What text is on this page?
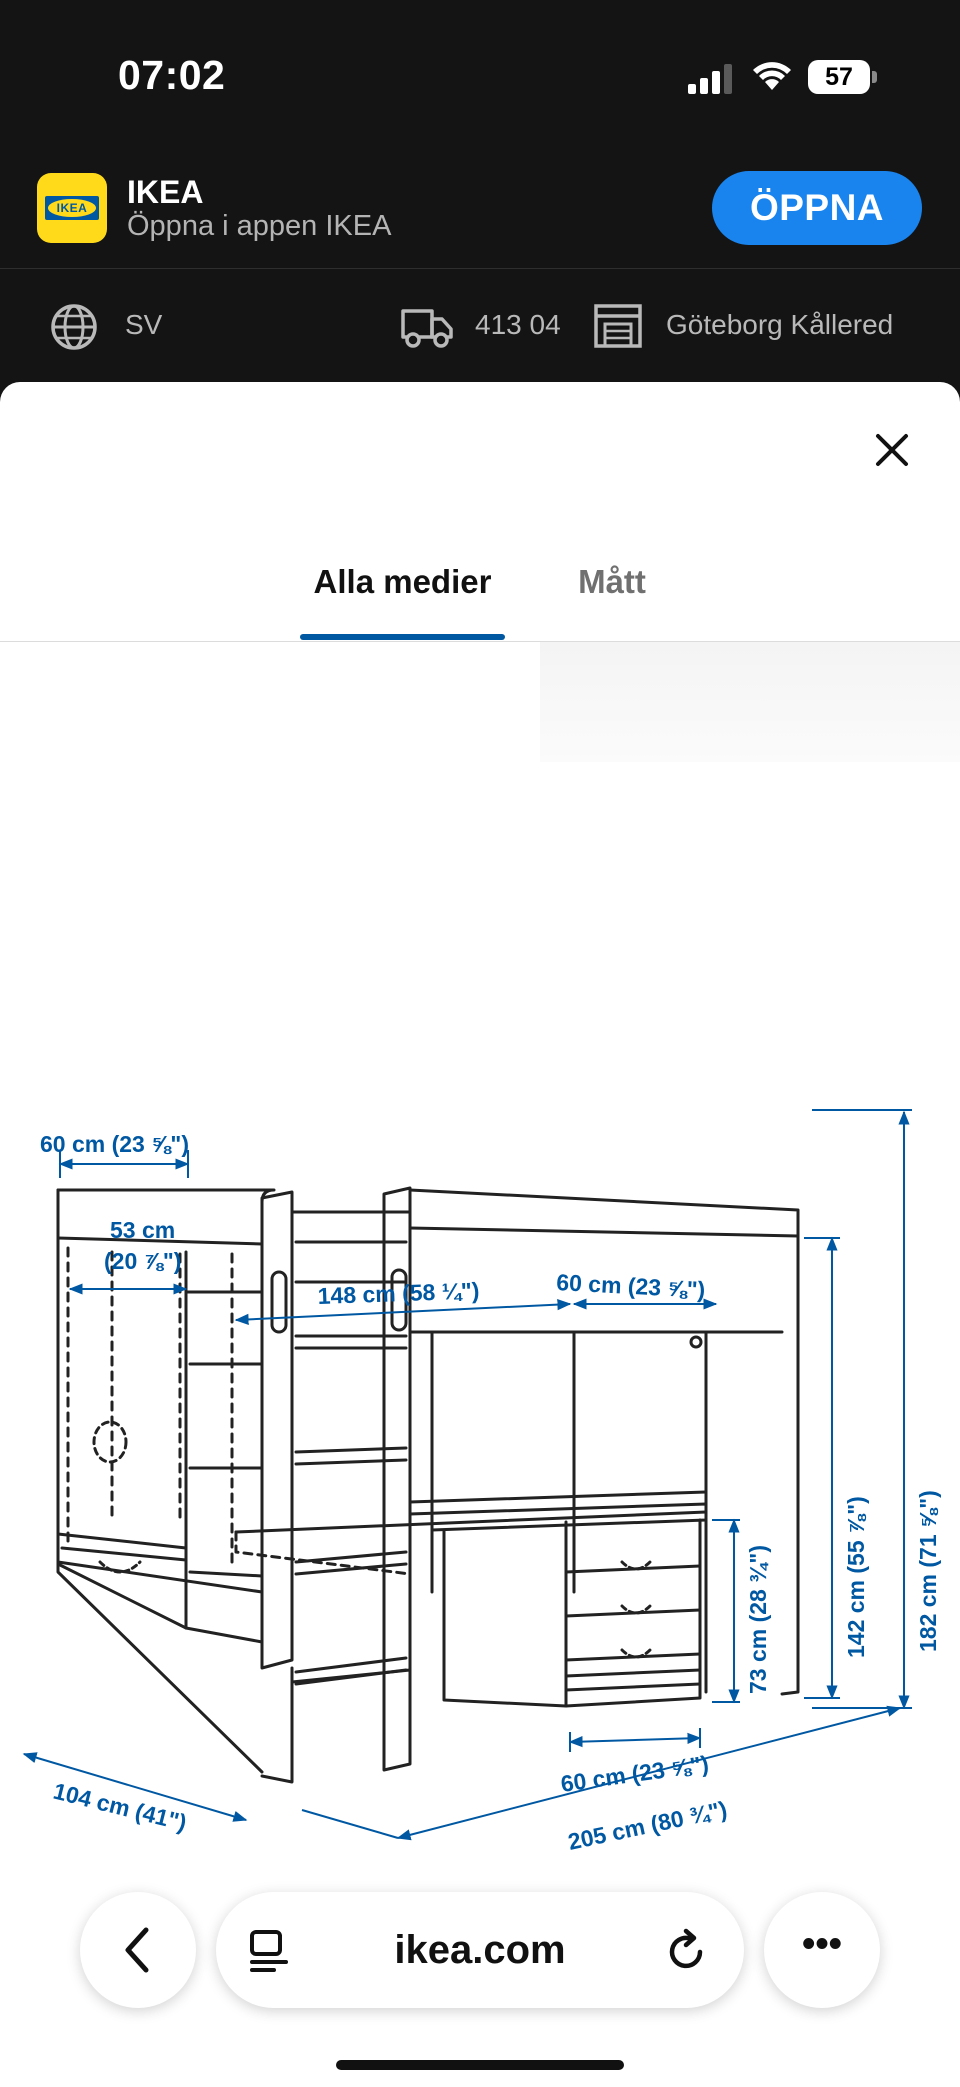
07:02	57
IKEA IKEA
Öppna i appen IKEA	ÖPPNA
SV	413 04	Göteborg Kållered
Alla medier	Mått
60 cm (23 ⅝")
53 cm
(20 ⅞")
148 cm (58 ¼")	60 cm (23 ⅝")
73 cm (28 ¾")	142 cm (55 ⅞") 182 cm (71 ⅝")
60 cm (23 ⅝")
205 cm (80 ¾")
104 cm (41")
ikea.com	•••
